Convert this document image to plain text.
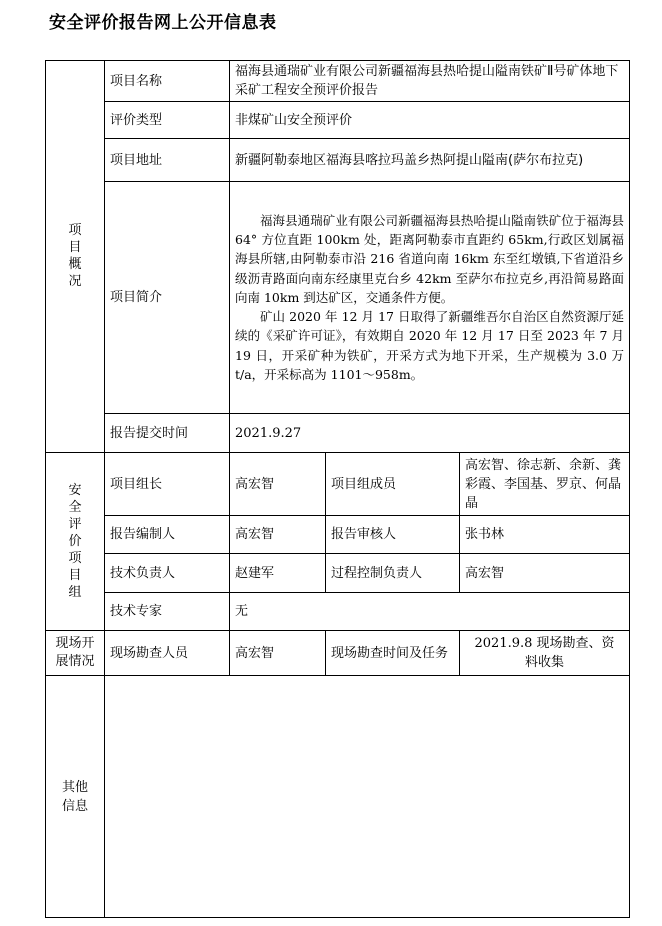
安全评价报告网上公开信息表
项目概况	项目名称	福海县通瑞矿业有限公司新疆福海县热哈提山隘南铁矿Ⅱ号矿体地下采矿工程安全预评价报告		
	评价类型	非煤矿山安全预评价		
	项目地址	新疆阿勒泰地区福海县喀拉玛盖乡热阿提山隘南(萨尔布拉克)		
	项目简介	福海县通瑞矿业有限公司新疆福海县热哈提山隘南铁矿位于福海县 64° 方位直距 100km 处，距离阿勒泰市直距约 65km,行政区划属福海县所辖,由阿勒泰市沿 216 省道向南 16km 东至红墩镇,下省道沿乡级沥青路面向南东经康里克台乡 42km 至萨尔布拉克乡,再沿简易路面向南 10km 到达矿区，交通条件方便。

矿山 2020 年 12 月 17 日取得了新疆维吾尔自治区自然资源厅延续的《采矿许可证》，有效期自 2020 年 12 月 17 日至 2023 年 7 月 19 日，开采矿种为铁矿，开采方式为地下开采，生产规模为 3.0 万 t/a，开采标高为 1101～958m。		

	报告提交时间	2021.9.27		
安全评价项目组	项目组长	高宏智	项目组成员	高宏智、徐志新、余新、龚彩霞、李国基、罗京、何晶晶
	报告编制人	高宏智	报告审核人	张书林
	技术负责人	赵建军	过程控制负责人	高宏智
	技术专家	无		
现场开展情况	现场勘查人员	高宏智	现场勘查时间及任务	2021.9.8 现场勘查、资料收集
其他信息				
